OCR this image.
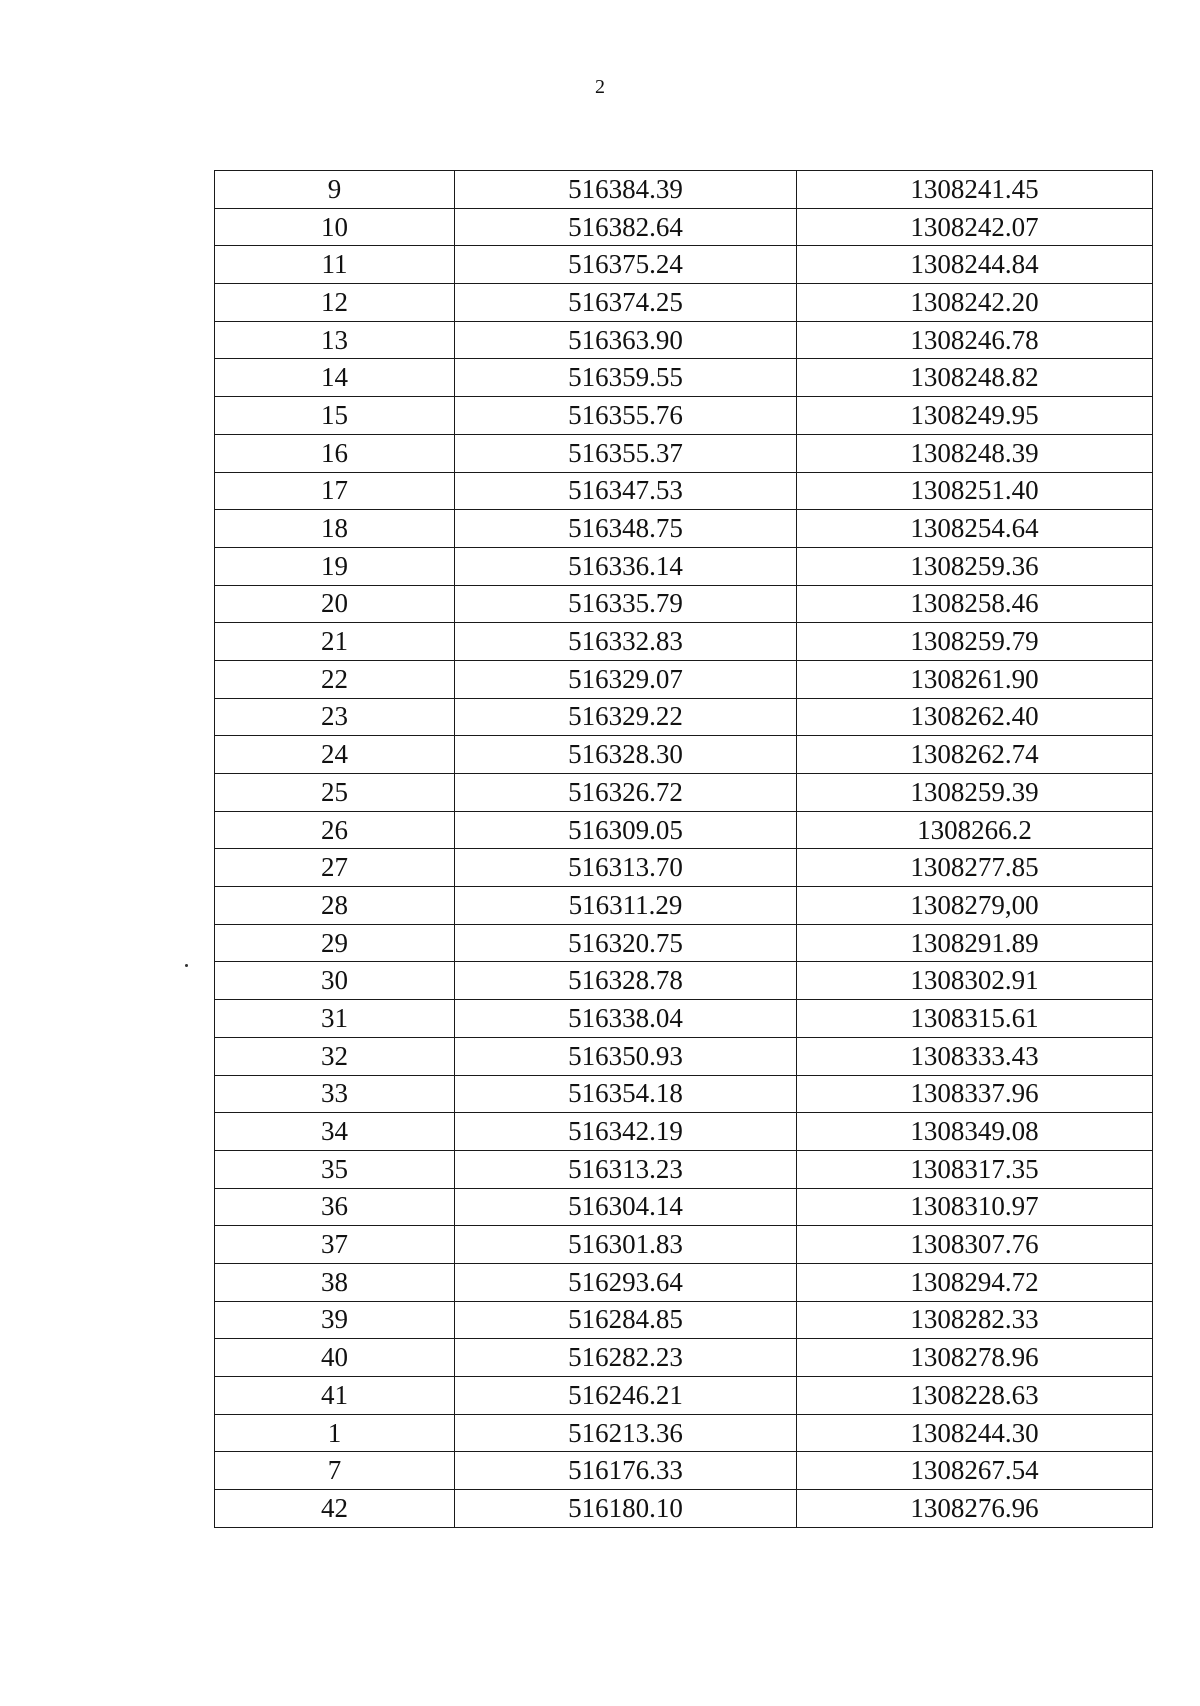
2
9	516384.39	1308241.45
10	516382.64	1308242.07
11	516375.24	1308244.84
12	516374.25	1308242.20
13	516363.90	1308246.78
14	516359.55	1308248.82
15	516355.76	1308249.95
16	516355.37	1308248.39
17	516347.53	1308251.40
18	516348.75	1308254.64
19	516336.14	1308259.36
20	516335.79	1308258.46
21	516332.83	1308259.79
22	516329.07	1308261.90
23	516329.22	1308262.40
24	516328.30	1308262.74
25	516326.72	1308259.39
26	516309.05	1308266.2
27	516313.70	1308277.85
28	516311.29	1308279,00
29	516320.75	1308291.89
30	516328.78	1308302.91
31	516338.04	1308315.61
32	516350.93	1308333.43
33	516354.18	1308337.96
34	516342.19	1308349.08
35	516313.23	1308317.35
36	516304.14	1308310.97
37	516301.83	1308307.76
38	516293.64	1308294.72
39	516284.85	1308282.33
40	516282.23	1308278.96
41	516246.21	1308228.63
1	516213.36	1308244.30
7	516176.33	1308267.54
42	516180.10	1308276.96
